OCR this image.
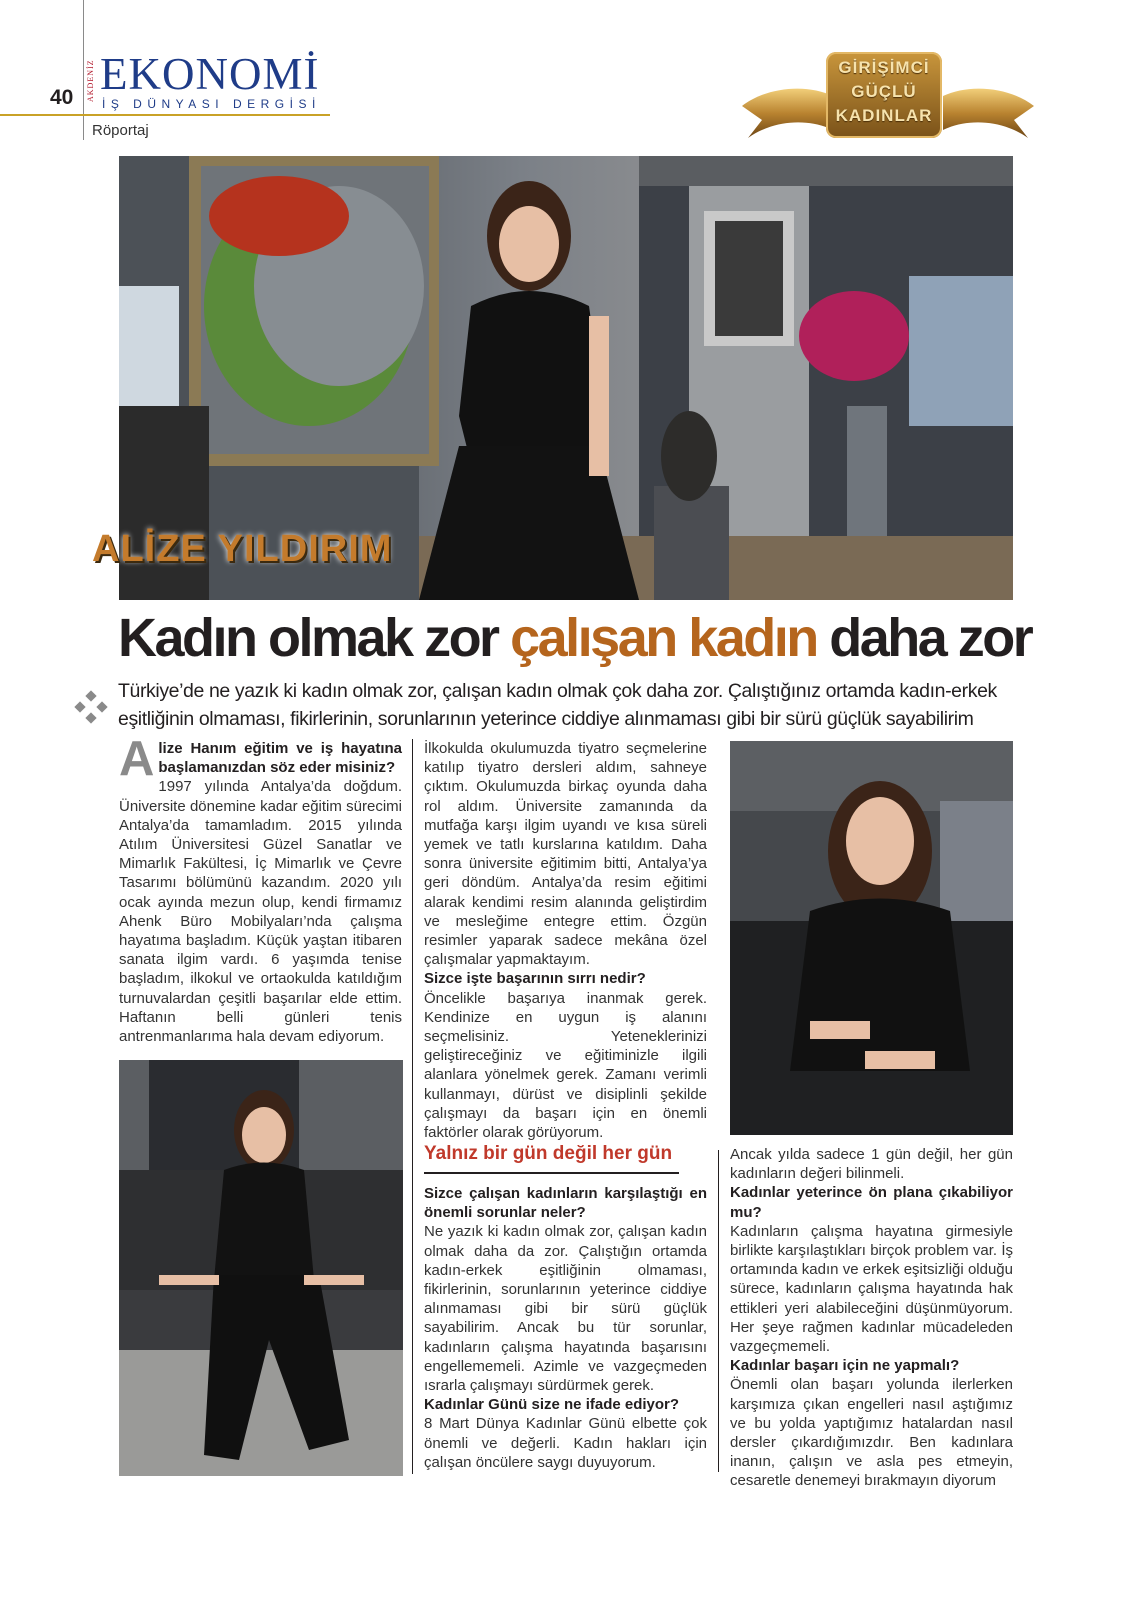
40 AKDENİZ EKONOMİ
İŞ DÜNYASI DERGİSİ
Röportaj
GİRİŞİMCİ
GÜÇLÜ
KADINLAR
ALİZE YILDIRIM
Kadın olmak zor çalışan kadın daha zor

Türkiye’de ne yazık ki kadın olmak zor, çalışan kadın olmak çok daha zor. Çalıştığınız ortamda kadın-erkek

eşitliğinin olmaması, fikirlerinin, sorunlarının yeterince ciddiye alınmaması gibi bir sürü güçlük sayabilirim

A lize Hanım eğitim ve iş hayatına başlamanızdan söz eder misiniz?

1997 yılında Antalya’da doğdum. Üniversite dönemine kadar eğitim sürecimi Antalya’da tamamladım. 2015 yılında Atılım Üniversitesi Güzel Sanatlar ve Mimarlık Fakültesi, İç Mimarlık ve Çevre Tasarımı bölümünü kazandım. 2020 yılı ocak ayında mezun olup, kendi firmamız Ahenk Büro Mobilyaları’nda çalışma hayatıma başladım. Küçük yaştan itibaren sanata ilgim vardı. 6 yaşımda tenise başladım, ilkokul ve ortaokulda katıldığım turnuvalardan çeşitli başarılar elde ettim. Haftanın belli günleri tenis antrenmanlarıma hala devam ediyorum.

İlkokulda okulumuzda tiyatro seçmelerine katılıp tiyatro dersleri aldım, sahneye çıktım. Okulumuzda birkaç oyunda daha rol aldım. Üniversite zamanında da mutfağa karşı ilgim uyandı ve kısa süreli yemek ve tatlı kurslarına katıldım. Daha sonra üniversite eğitimim bitti, Antalya’ya geri döndüm. Antalya’da resim eğitimi alarak kendimi resim alanında geliştirdim ve mesleğime entegre ettim. Özgün resimler yaparak sadece mekâna özel çalışmalar yapmaktayım.

Sizce işte başarının sırrı nedir?

Öncelikle başarıya inanmak gerek. Kendinize en uygun iş alanını seçmelisiniz. Yeteneklerinizi geliştireceğiniz ve eğitiminizle ilgili alanlara yönelmek gerek. Zamanı verimli kullanmayı, dürüst ve disiplinli şekilde çalışmayı da başarı için en önemli faktörler olarak görüyorum.

Yalnız bir gün değil her gün

Sizce çalışan kadınların karşılaştığı en önemli sorunlar neler?

Ne yazık ki kadın olmak zor, çalışan kadın olmak daha da zor. Çalıştığın ortamda kadın-erkek eşitliğinin olmaması, fikirlerinin, sorunlarının yeterince ciddiye alınmaması gibi bir sürü güçlük sayabilirim. Ancak bu tür sorunlar, kadınların çalışma hayatında başarısını engellememeli. Azimle ve vazgeçmeden ısrarla çalışmayı sürdürmek gerek.

Kadınlar Günü size ne ifade ediyor?

8 Mart Dünya Kadınlar Günü elbette çok önemli ve değerli. Kadın hakları için çalışan öncülere saygı duyuyorum.

Ancak yılda sadece 1 gün değil, her gün kadınların değeri bilinmeli.

Kadınlar yeterince ön plana çıkabiliyor mu?

Kadınların çalışma hayatına girmesiyle birlikte karşılaştıkları birçok problem var. İş ortamında kadın ve erkek eşitsizliği olduğu sürece, kadınların çalışma hayatında hak ettikleri yeri alabileceğini düşünmüyorum. Her şeye rağmen kadınlar mücadeleden vazgeçmemeli.

Kadınlar başarı için ne yapmalı?

Önemli olan başarı yolunda ilerlerken karşımıza çıkan engelleri nasıl aştığımız ve bu yolda yaptığımız hatalardan nasıl dersler çıkardığımızdır. Ben kadınlara inanın, çalışın ve asla pes etmeyin, cesaretle denemeyi bırakmayın diyorum
